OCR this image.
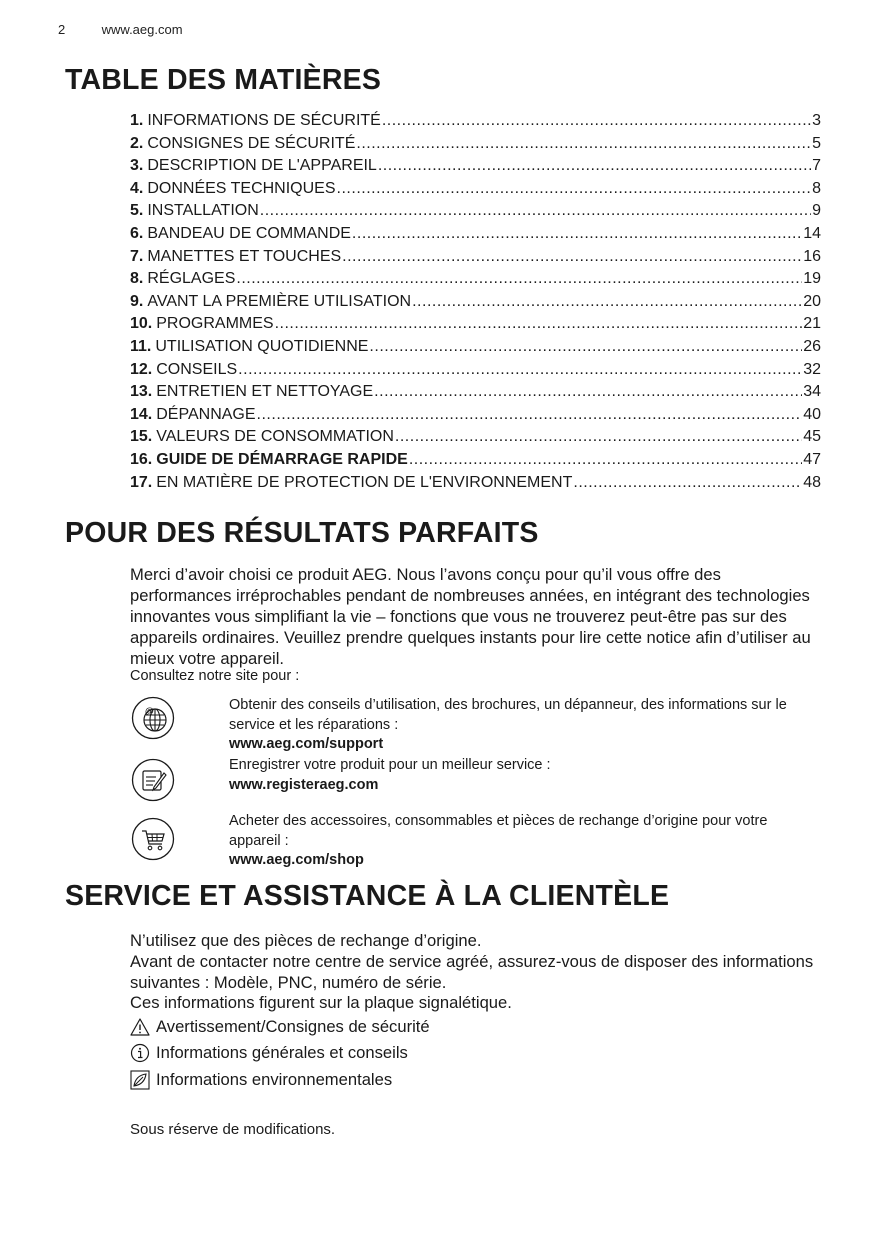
2	www.aeg.com
TABLE DES MATIÈRES
1. INFORMATIONS DE SÉCURITÉ .....	3
2. CONSIGNES DE SÉCURITÉ .....	5
3. DESCRIPTION DE L'APPAREIL .....	7
4. DONNÉES TECHNIQUES .....	8
5. INSTALLATION .....	9
6. BANDEAU DE COMMANDE .....	14
7. MANETTES ET TOUCHES .....	16
8. RÉGLAGES .....	19
9. AVANT LA PREMIÈRE UTILISATION .....	20
10. PROGRAMMES .....	21
11. UTILISATION QUOTIDIENNE .....	26
12. CONSEILS .....	32
13. ENTRETIEN ET NETTOYAGE .....	34
14. DÉPANNAGE .....	40
15. VALEURS DE CONSOMMATION .....	45
16. GUIDE DE DÉMARRAGE RAPIDE .....	47
17. EN MATIÈRE DE PROTECTION DE L'ENVIRONNEMENT .....	48
POUR DES RÉSULTATS PARFAITS

Merci d’avoir choisi ce produit AEG. Nous l’avons conçu pour qu’il vous offre des performances irréprochables pendant de nombreuses années, en intégrant des technologies innovantes vous simplifiant la vie – fonctions que vous ne trouverez peut-être pas sur des appareils ordinaires. Veuillez prendre quelques instants pour lire cette notice afin d’utiliser au mieux votre appareil.

Consultez notre site pour :

@	Obtenir des conseils d’utilisation, des brochures, un dépanneur, des informations sur le service et les réparations :
www.aeg.com/support

Enregistrer votre produit pour un meilleur service :
www.registeraeg.com

Acheter des accessoires, consommables et pièces de rechange d’origine pour votre appareil :
www.aeg.com/shop

SERVICE ET ASSISTANCE À LA CLIENTÈLE

N’utilisez que des pièces de rechange d’origine.

Avant de contacter notre centre de service agréé, assurez-vous de disposer des informations suivantes : Modèle, PNC, numéro de série.

Ces informations figurent sur la plaque signalétique.

Avertissement/Consignes de sécurité
Informations générales et conseils
Informations environnementales

Sous réserve de modifications.
